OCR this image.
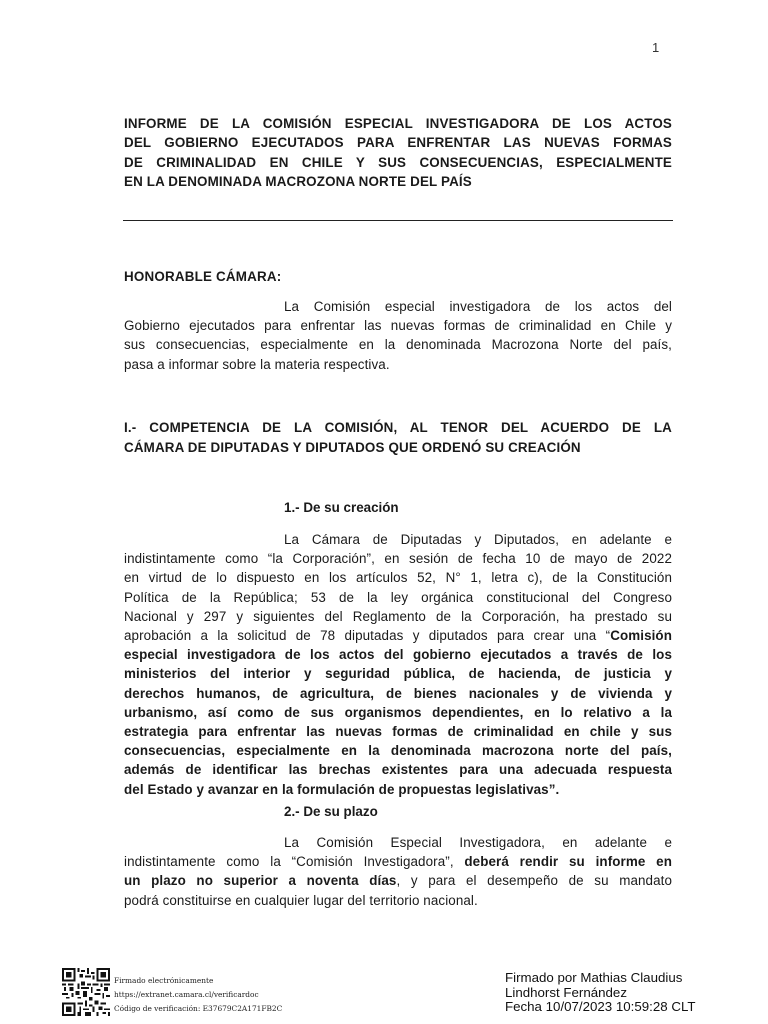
1
INFORME DE LA COMISIÓN ESPECIAL INVESTIGADORA DE LOS ACTOS
DEL GOBIERNO EJECUTADOS PARA ENFRENTAR LAS NUEVAS FORMAS
DE CRIMINALIDAD EN CHILE Y SUS CONSECUENCIAS, ESPECIALMENTE
EN LA DENOMINADA MACROZONA NORTE DEL PAÍS
HONORABLE CÁMARA:
La Comisión especial investigadora de los actos del
Gobierno ejecutados para enfrentar las nuevas formas de criminalidad en Chile y
sus consecuencias, especialmente en la denominada Macrozona Norte del país,
pasa a informar sobre la materia respectiva.
I.- COMPETENCIA DE LA COMISIÓN, AL TENOR DEL ACUERDO DE LA
CÁMARA DE DIPUTADAS Y DIPUTADOS QUE ORDENÓ SU CREACIÓN
1.- De su creación
La Cámara de Diputadas y Diputados, en adelante e
indistintamente como “la Corporación”, en sesión de fecha 10 de mayo de 2022
en virtud de lo dispuesto en los artículos 52, N° 1, letra c), de la Constitución
Política de la República; 53 de la ley orgánica constitucional del Congreso
Nacional y 297 y siguientes del Reglamento de la Corporación, ha prestado su
aprobación a la solicitud de 78 diputadas y diputados para crear una “Comisión
especial investigadora de los actos del gobierno ejecutados a través de los
ministerios del interior y seguridad pública, de hacienda, de justicia y
derechos humanos, de agricultura, de bienes nacionales y de vivienda y
urbanismo, así como de sus organismos dependientes, en lo relativo a la
estrategia para enfrentar las nuevas formas de criminalidad en chile y sus
consecuencias, especialmente en la denominada macrozona norte del país,
además de identificar las brechas existentes para una adecuada respuesta
del Estado y avanzar en la formulación de propuestas legislativas”.
2.- De su plazo
La Comisión Especial Investigadora, en adelante e
indistintamente como la “Comisión Investigadora”, deberá rendir su informe en
un plazo no superior a noventa días, y para el desempeño de su mandato
podrá constituirse en cualquier lugar del territorio nacional.
Firmado electrónicamente
https://extranet.camara.cl/verificardoc
Código de verificación: E37679C2A171FB2C
Firmado por Mathias Claudius
Lindhorst Fernández
Fecha 10/07/2023 10:59:28 CLT
